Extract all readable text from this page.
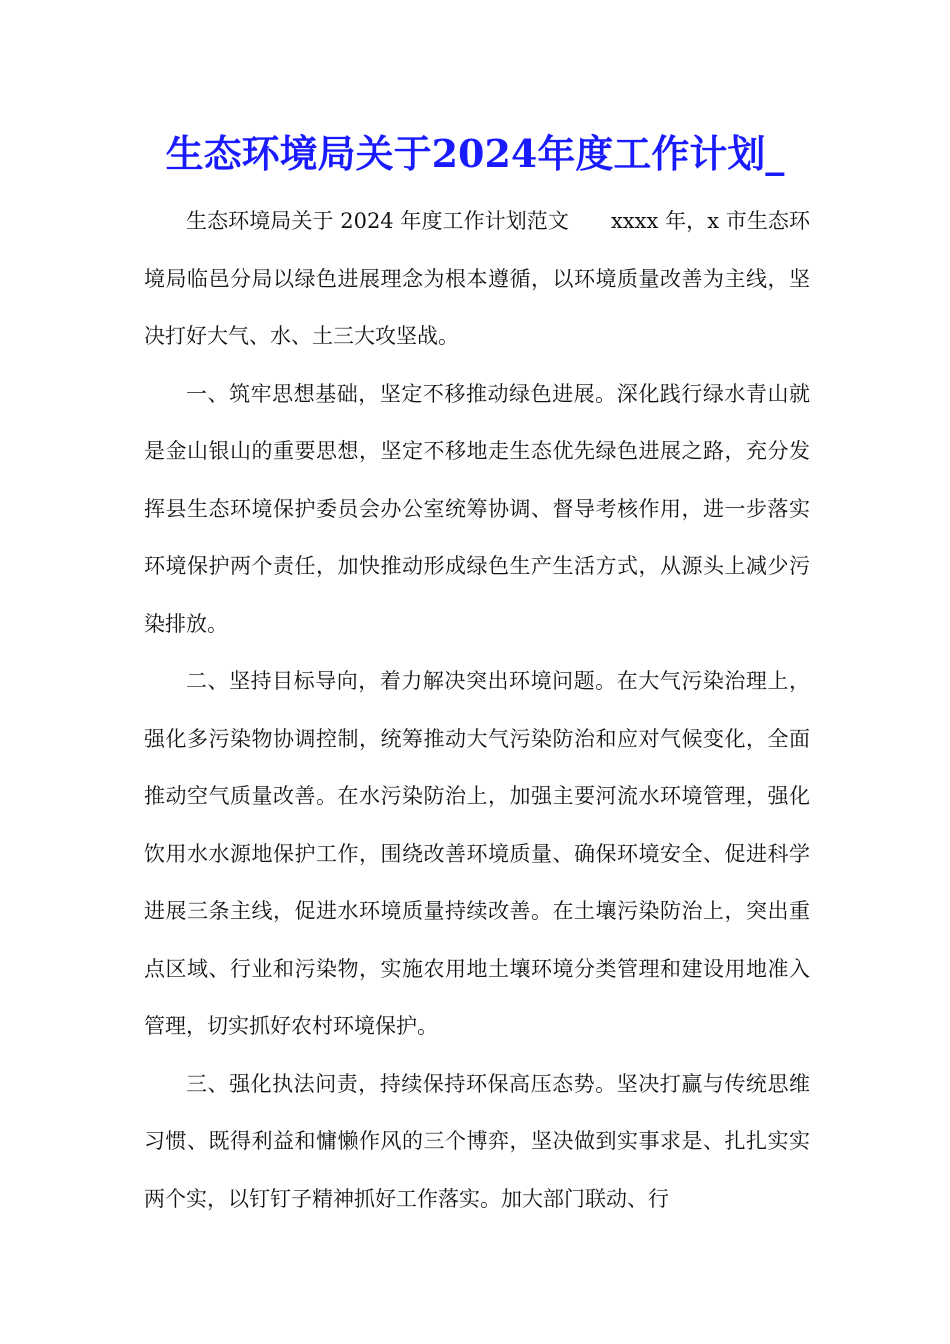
生态环境局关于2024年度工作计划_

生态环境局关于 2024 年度工作计划范文 xxxx 年，x 市生态环境局临邑分局以绿色进展理念为根本遵循，以环境质量改善为主线，坚决打好大气、水、土三大攻坚战。

一、筑牢思想基础，坚定不移推动绿色进展。深化践行绿水青山就是金山银山的重要思想，坚定不移地走生态优先绿色进展之路，充分发挥县生态环境保护委员会办公室统筹协调、督导考核作用，进一步落实环境保护两个责任，加快推动形成绿色生产生活方式，从源头上减少污染排放。

二、坚持目标导向，着力解决突出环境问题。在大气污染治理上，强化多污染物协调控制，统筹推动大气污染防治和应对气候变化，全面推动空气质量改善。在水污染防治上，加强主要河流水环境管理，强化饮用水水源地保护工作，围绕改善环境质量、确保环境安全、促进科学进展三条主线，促进水环境质量持续改善。在土壤污染防治上，突出重点区域、行业和污染物，实施农用地土壤环境分类管理和建设用地准入管理，切实抓好农村环境保护。

三、强化执法问责，持续保持环保高压态势。坚决打赢与传统思维习惯、既得利益和慵懒作风的三个博弈，坚决做到实事求是、扎扎实实两个实，以钉钉子精神抓好工作落实。加大部门联动、行
